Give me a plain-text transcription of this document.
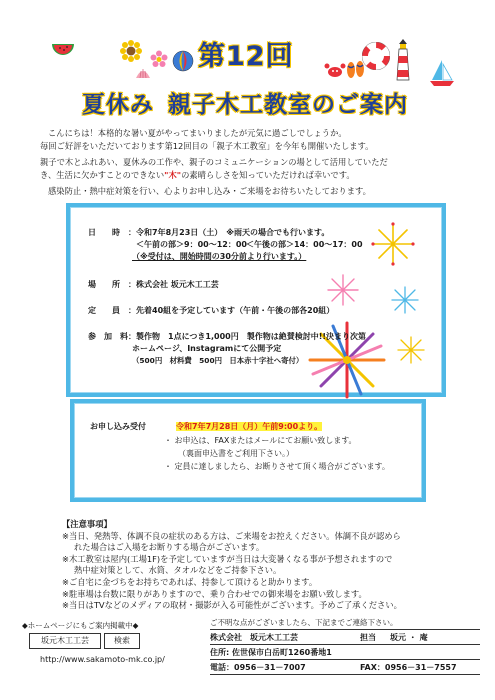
第12回
夏休み 親子木工教室のご案内

こんにちは！本格的な暑い夏がやってまいりましたが元気に過ごしでしょうか。

毎回ご好評をいただいております第12回目の「親子木工教室」を今年も開催いたします。

親子で木とふれあい、夏休みの工作や、親子のコミュニケーションの場として活用していただ

き、生活に欠かすことのできない"木"の素晴らしさを知っていただければ幸いです。

感染防止・熱中症対策を行い、心よりお申し込み・ご来場をお待ちいたしております。

日　　時 ：令和7年8月23日（土）　※雨天の場合でも行います。
＜午前の部＞9：00～12：00 ＜午後の部＞14：00～17：00
（※受付は、開始時間の30分前より行います。）
場　　所 ：株式会社 坂元木工工芸
定　　員 ：先着40組を予定しています（午前・午後の部各20組）
参　加　料 ：製作物　1点につき1,000円　製作物は絶賛検討中!!決まり次第
ホームページ、Instagramにて公開予定
（500円　材料費　500円　日本赤十字社へ寄付）
お申し込み受付	令和7年7月28日（月）午前9:00より。
・ お申込は、FAXまたはメールにてお願い致します。
（裏面申込書をご利用下さい。）
・ 定員に達しましたら、お断りさせて頂く場合がございます。

【注意事項】

※当日、発熱等、体調不良の症状のある方は、ご来場をお控えください。体調不良が認めら

れた場合はご入場をお断りする場合がございます。

※木工教室は屋内(工場1F)を予定していますが当日は大変暑くなる事が予想されますので

熱中症対策として、水筒、タオルなどをご持参下さい。

※ご自宅に金づちをお持ちであれば、持参して頂けると助かります。

※駐車場は台数に限りがありますので、乗り合わせでの御来場をお願い致します。

※当日はTVなどのメディアの取材・撮影が入る可能性がございます。予めご了承ください。

◆ホームページにもご案内掲載中◆
坂元木工工芸	検索
http://www.sakamoto-mk.co.jp/
ご不明な点がございましたら、下記までご連絡下さい。
株式会社　坂元木工工芸	担当 坂元 ・ 庵

住所: 佐世保市白岳町1260番地1
電話：0956－31－7007	FAX：0956－31－7557
